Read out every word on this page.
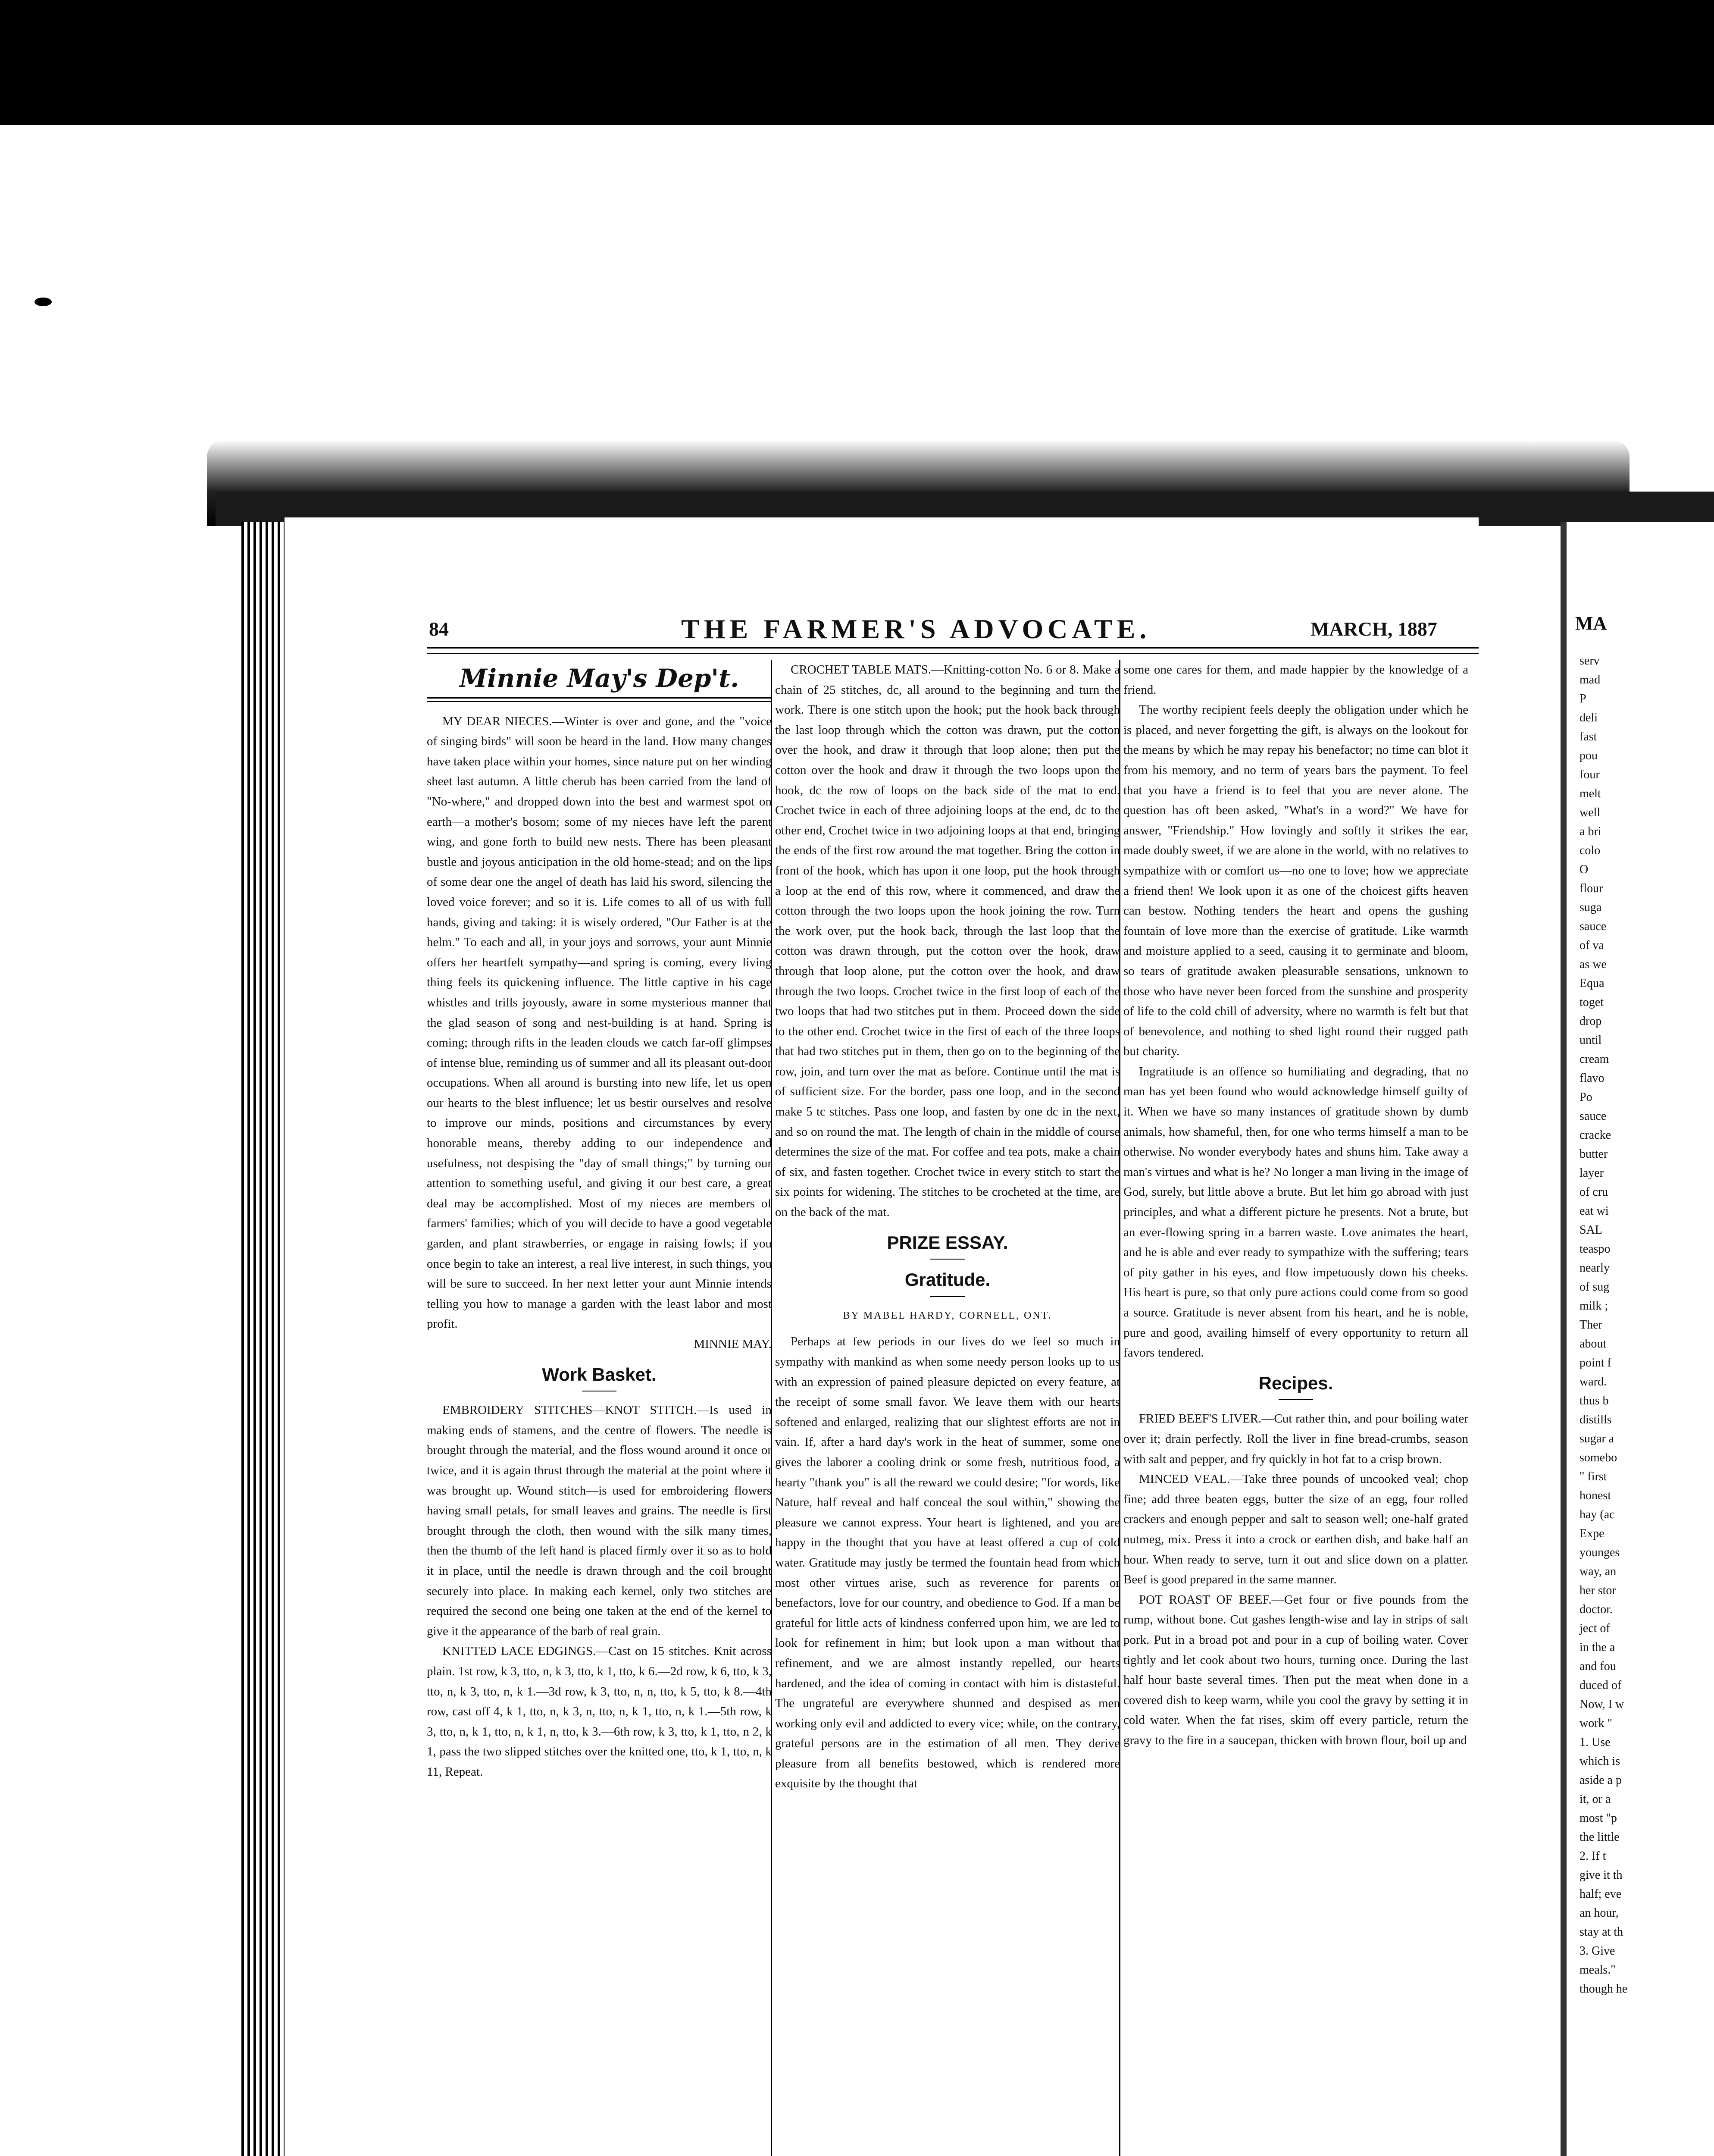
84	THE FARMER'S ADVOCATE.	MARCH, 1887
Minnie May's Dep't.

MY DEAR NIECES.—Winter is over and gone, and the "voice of singing birds" will soon be heard in the land. How many changes have taken place within your homes, since nature put on her winding sheet last autumn. A little cherub has been carried from the land of "No-where," and dropped down into the best and warmest spot on earth—a mother's bosom; some of my nieces have left the parent wing, and gone forth to build new nests. There has been pleasant bustle and joyous anticipation in the old home-stead; and on the lips of some dear one the angel of death has laid his sword, silencing the loved voice forever; and so it is. Life comes to all of us with full hands, giving and taking: it is wisely ordered, "Our Father is at the helm." To each and all, in your joys and sorrows, your aunt Minnie offers her heartfelt sympathy—and spring is coming, every living thing feels its quickening influence. The little captive in his cage whistles and trills joyously, aware in some mysterious manner that the glad season of song and nest-building is at hand. Spring is coming; through rifts in the leaden clouds we catch far-off glimpses of intense blue, reminding us of summer and all its pleasant out-door occupations. When all around is bursting into new life, let us open our hearts to the blest influence; let us bestir ourselves and resolve to improve our minds, positions and circumstances by every honorable means, thereby adding to our independence and usefulness, not despising the "day of small things;" by turning our attention to something useful, and giving it our best care, a great deal may be accomplished. Most of my nieces are members of farmers' families; which of you will decide to have a good vegetable garden, and plant strawberries, or engage in raising fowls; if you once begin to take an interest, a real live interest, in such things, you will be sure to succeed. In her next letter your aunt Minnie intends telling you how to manage a garden with the least labor and most profit.

MINNIE MAY.
Work Basket.

EMBROIDERY STITCHES—KNOT STITCH.—Is used in making ends of stamens, and the centre of flowers. The needle is brought through the material, and the floss wound around it once or twice, and it is again thrust through the material at the point where it was brought up. Wound stitch—is used for embroidering flowers having small petals, for small leaves and grains. The needle is first brought through the cloth, then wound with the silk many times, then the thumb of the left hand is placed firmly over it so as to hold it in place, until the needle is drawn through and the coil brought securely into place. In making each kernel, only two stitches are required the second one being one taken at the end of the kernel to give it the appearance of the barb of real grain.

KNITTED LACE EDGINGS.—Cast on 15 stitches. Knit across plain. 1st row, k 3, tto, n, k 3, tto, k 1, tto, k 6.—2d row, k 6, tto, k 3, tto, n, k 3, tto, n, k 1.—3d row, k 3, tto, n, n, tto, k 5, tto, k 8.—4th row, cast off 4, k 1, tto, n, k 3, n, tto, n, k 1, tto, n, k 1.—5th row, k 3, tto, n, k 1, tto, n, k 1, n, tto, k 3.—6th row, k 3, tto, k 1, tto, n 2, k 1, pass the two slipped stitches over the knitted one, tto, k 1, tto, n, k 11, Repeat.

CROCHET TABLE MATS.—Knitting-cotton No. 6 or 8. Make a chain of 25 stitches, dc, all around to the beginning and turn the work. There is one stitch upon the hook; put the hook back through the last loop through which the cotton was drawn, put the cotton over the hook, and draw it through that loop alone; then put the cotton over the hook and draw it through the two loops upon the hook, dc the row of loops on the back side of the mat to end. Crochet twice in each of three adjoining loops at the end, dc to the other end, Crochet twice in two adjoining loops at that end, bringing the ends of the first row around the mat together. Bring the cotton in front of the hook, which has upon it one loop, put the hook through a loop at the end of this row, where it commenced, and draw the cotton through the two loops upon the hook joining the row. Turn the work over, put the hook back, through the last loop that the cotton was drawn through, put the cotton over the hook, draw through that loop alone, put the cotton over the hook, and draw through the two loops. Crochet twice in the first loop of each of the two loops that had two stitches put in them. Proceed down the side to the other end. Crochet twice in the first of each of the three loops that had two stitches put in them, then go on to the beginning of the row, join, and turn over the mat as before. Continue until the mat is of sufficient size. For the border, pass one loop, and in the second make 5 tc stitches. Pass one loop, and fasten by one dc in the next, and so on round the mat. The length of chain in the middle of course determines the size of the mat. For coffee and tea pots, make a chain of six, and fasten together. Crochet twice in every stitch to start the six points for widening. The stitches to be crocheted at the time, are on the back of the mat.

PRIZE ESSAY.
Gratitude.
BY MABEL HARDY, CORNELL, ONT.

Perhaps at few periods in our lives do we feel so much in sympathy with mankind as when some needy person looks up to us with an expression of pained pleasure depicted on every feature, at the receipt of some small favor. We leave them with our hearts softened and enlarged, realizing that our slightest efforts are not in vain. If, after a hard day's work in the heat of summer, some one gives the laborer a cooling drink or some fresh, nutritious food, a hearty "thank you" is all the reward we could desire; "for words, like Nature, half reveal and half conceal the soul within," showing the pleasure we cannot express. Your heart is lightened, and you are happy in the thought that you have at least offered a cup of cold water. Gratitude may justly be termed the fountain head from which most other virtues arise, such as reverence for parents or benefactors, love for our country, and obedience to God. If a man be grateful for little acts of kindness conferred upon him, we are led to look for refinement in him; but look upon a man without that refinement, and we are almost instantly repelled, our hearts hardened, and the idea of coming in contact with him is distasteful. The ungrateful are everywhere shunned and despised as men working only evil and addicted to every vice; while, on the contrary, grateful persons are in the estimation of all men. They derive pleasure from all benefits bestowed, which is rendered more exquisite by the thought that

some one cares for them, and made happier by the knowledge of a friend.

The worthy recipient feels deeply the obligation under which he is placed, and never forgetting the gift, is always on the lookout for the means by which he may repay his benefactor; no time can blot it from his memory, and no term of years bars the payment. To feel that you have a friend is to feel that you are never alone. The question has oft been asked, "What's in a word?" We have for answer, "Friendship." How lovingly and softly it strikes the ear, made doubly sweet, if we are alone in the world, with no relatives to sympathize with or comfort us—no one to love; how we appreciate a friend then! We look upon it as one of the choicest gifts heaven can bestow. Nothing tenders the heart and opens the gushing fountain of love more than the exercise of gratitude. Like warmth and moisture applied to a seed, causing it to germinate and bloom, so tears of gratitude awaken pleasurable sensations, unknown to those who have never been forced from the sunshine and prosperity of life to the cold chill of adversity, where no warmth is felt but that of benevolence, and nothing to shed light round their rugged path but charity.

Ingratitude is an offence so humiliating and degrading, that no man has yet been found who would acknowledge himself guilty of it. When we have so many instances of gratitude shown by dumb animals, how shameful, then, for one who terms himself a man to be otherwise. No wonder everybody hates and shuns him. Take away a man's virtues and what is he? No longer a man living in the image of God, surely, but little above a brute. But let him go abroad with just principles, and what a different picture he presents. Not a brute, but an ever-flowing spring in a barren waste. Love animates the heart, and he is able and ever ready to sympathize with the suffering; tears of pity gather in his eyes, and flow impetuously down his cheeks. His heart is pure, so that only pure actions could come from so good a source. Gratitude is never absent from his heart, and he is noble, pure and good, availing himself of every opportunity to return all favors tendered.

Recipes.

FRIED BEEF'S LIVER.—Cut rather thin, and pour boiling water over it; drain perfectly. Roll the liver in fine bread-crumbs, season with salt and pepper, and fry quickly in hot fat to a crisp brown.

MINCED VEAL.—Take three pounds of uncooked veal; chop fine; add three beaten eggs, butter the size of an egg, four rolled crackers and enough pepper and salt to season well; one-half grated nutmeg, mix. Press it into a crock or earthen dish, and bake half an hour. When ready to serve, turn it out and slice down on a platter. Beef is good prepared in the same manner.

POT ROAST OF BEEF.—Get four or five pounds from the rump, without bone. Cut gashes length-wise and lay in strips of salt pork. Put in a broad pot and pour in a cup of boiling water. Cover tightly and let cook about two hours, turning once. During the last half hour baste several times. Then put the meat when done in a covered dish to keep warm, while you cool the gravy by setting it in cold water. When the fat rises, skim off every particle, return the gravy to the fire in a saucepan, thicken with brown flour, boil up and

MA
serv
mad
P
deli
fast
pou
four
melt
well
a bri
colo
O
flour
suga
sauce
of va
as we
Equa
toget
drop
until
cream
flavo
Po
sauce
cracke
butter
layer
of cru
eat wi
SAL
teaspo
nearly
of sug
milk ;
Ther
about
point f
ward.
thus b
distills
sugar a
somebo
" first
honest
hay (ac
Expe
younges
way, an
her stor
doctor.
ject of
in the a
and fou
duced of
Now, I w
work "
1. Use
which is
aside a p
it, or a
most "p
the little
2. If t
give it th
half; eve
an hour,
stay at th
3. Give
meals."
though he
